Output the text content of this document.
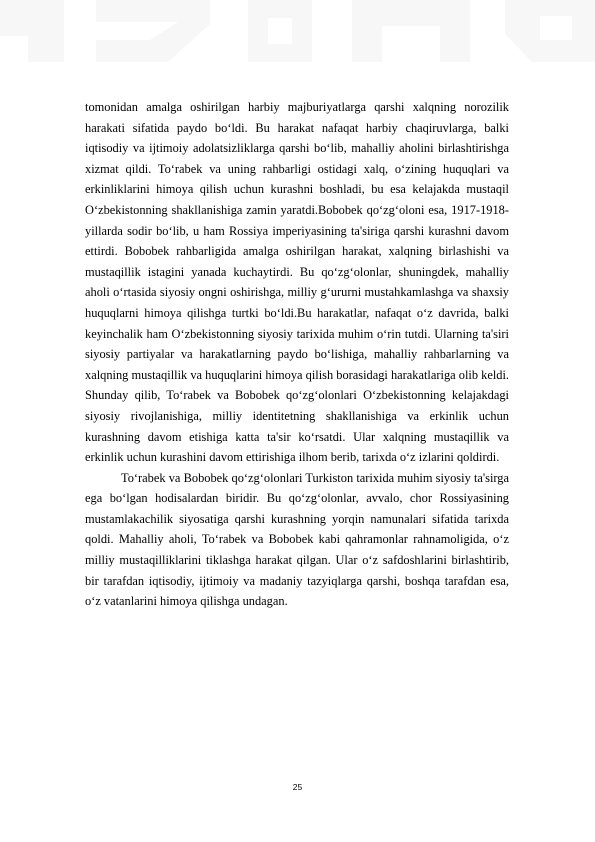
tomonidan amalga oshirilgan harbiy majburiyatlarga qarshi xalqning norozilik harakati sifatida paydo bo‘ldi. Bu harakat nafaqat harbiy chaqiruvlarga, balki iqtisodiy va ijtimoiy adolatsizliklarga qarshi bo‘lib, mahalliy aholini birlashtirishga xizmat qildi. To‘rabek va uning rahbarligi ostidagi xalq, o‘zining huquqlari va erkinliklarini himoya qilish uchun kurashni boshladi, bu esa kelajakda mustaqil O‘zbekistonning shakllanishiga zamin yaratdi.Bobobek qo‘zg‘oloni esa, 1917-1918-yillarda sodir bo‘lib, u ham Rossiya imperiyasining ta'siriga qarshi kurashni davom ettirdi. Bobobek rahbarligida amalga oshirilgan harakat, xalqning birlashishi va mustaqillik istagini yanada kuchaytirdi. Bu qo‘zg‘olonlar, shuningdek, mahalliy aholi o‘rtasida siyosiy ongni oshirishga, milliy g‘ururni mustahkamlashga va shaxsiy huquqlarni himoya qilishga turtki bo‘ldi.Bu harakatlar, nafaqat o‘z davrida, balki keyinchalik ham O‘zbekistonning siyosiy tarixida muhim o‘rin tutdi. Ularning ta'siri siyosiy partiyalar va harakatlarning paydo bo‘lishiga, mahalliy rahbarlarning va xalqning mustaqillik va huquqlarini himoya qilish borasidagi harakatlariga olib keldi. Shunday qilib, To‘rabek va Bobobek qo‘zg‘olonlari O‘zbekistonning kelajakdagi siyosiy rivojlanishiga, milliy identitetning shakllanishiga va erkinlik uchun kurashning davom etishiga katta ta'sir ko‘rsatdi. Ular xalqning mustaqillik va erkinlik uchun kurashini davom ettirishiga ilhom berib, tarixda o‘z izlarini qoldirdi.

To‘rabek va Bobobek qo‘zg‘olonlari Turkiston tarixida muhim siyosiy ta'sirga ega bo‘lgan hodisalardan biridir. Bu qo‘zg‘olonlar, avvalo, chor Rossiyasining mustamlakachilik siyosatiga qarshi kurashning yorqin namunalari sifatida tarixda qoldi. Mahalliy aholi, To‘rabek va Bobobek kabi qahramonlar rahnamoligida, o‘z milliy mustaqilliklarini tiklashga harakat qilgan. Ular o‘z safdoshlarini birlashtirib, bir tarafdan iqtisodiy, ijtimoiy va madaniy tazyiqlarga qarshi, boshqa tarafdan esa, o‘z vatanlarini himoya qilishga undagan.

25
